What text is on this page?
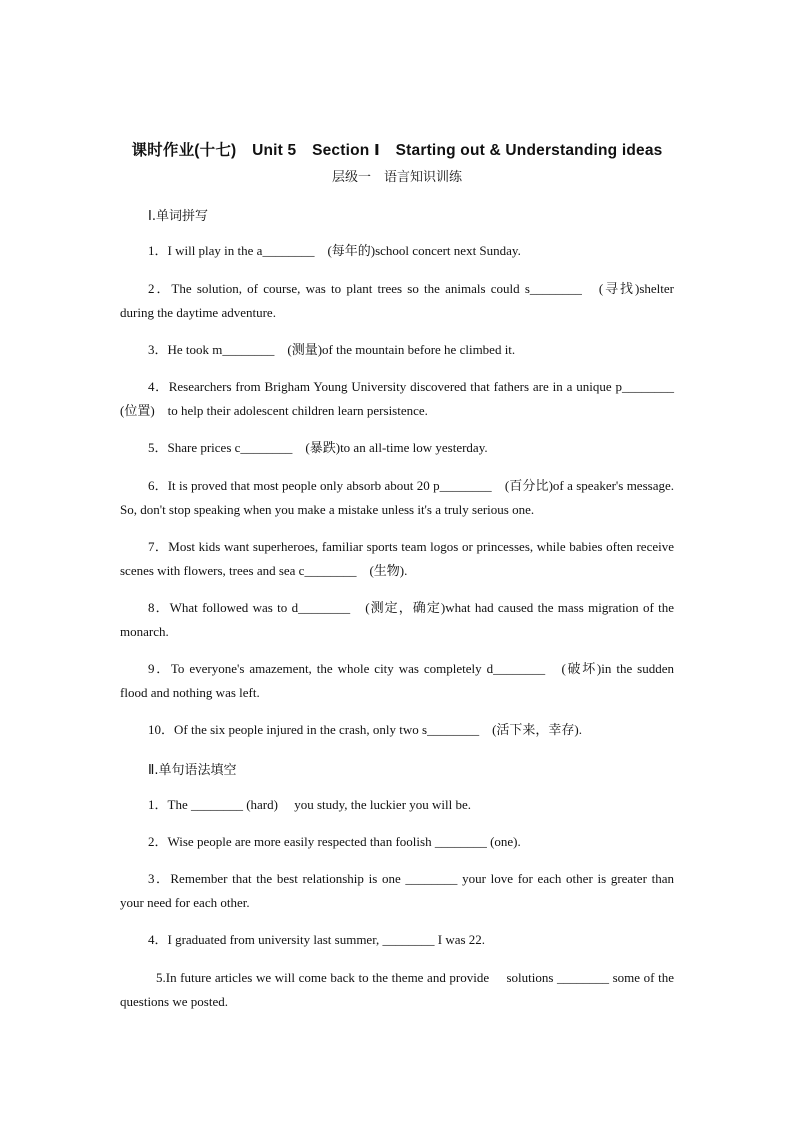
课时作业(十七)　Unit 5　Section Ⅰ　Starting out & Understanding ideas
层级一　语言知识训练
Ⅰ.单词拼写
1．I will play in the a________　(每年的)school concert next Sunday.
2．The solution, of course, was to plant trees so the animals could s________　(寻找)shelter during the daytime adventure.
3．He took m________　(测量)of the mountain before he climbed it.
4．Researchers from Brigham Young University discovered that fathers are in a unique p________　(位置)　to help their adolescent children learn persistence.
5．Share prices c________　(暴跌)to an all-time low yesterday.
6．It is proved that most people only absorb about 20 p________　(百分比)of a speaker's message. So, don't stop speaking when you make a mistake unless it's a truly serious one.
7．Most kids want superheroes, familiar sports team logos or princesses, while babies often receive scenes with flowers, trees and sea c________　(生物).
8．What followed was to d________　(测定，确定)what had caused the mass migration of the monarch.
9．To everyone's amazement, the whole city was completely d________　(破坏)in the sudden flood and nothing was left.
10．Of the six people injured in the crash, only two s________　(活下来，幸存).
Ⅱ.单句语法填空
1．The ________ (hard)　 you study, the luckier you will be.
2．Wise people are more easily respected than foolish ________ (one).
3．Remember that the best relationship is one ________ your love for each other is greater than your need for each other.
4．I graduated from university last summer, ________ I was 22.
5.In future articles we will come back to the theme and provide　 solutions ________ some of the questions we posted.
